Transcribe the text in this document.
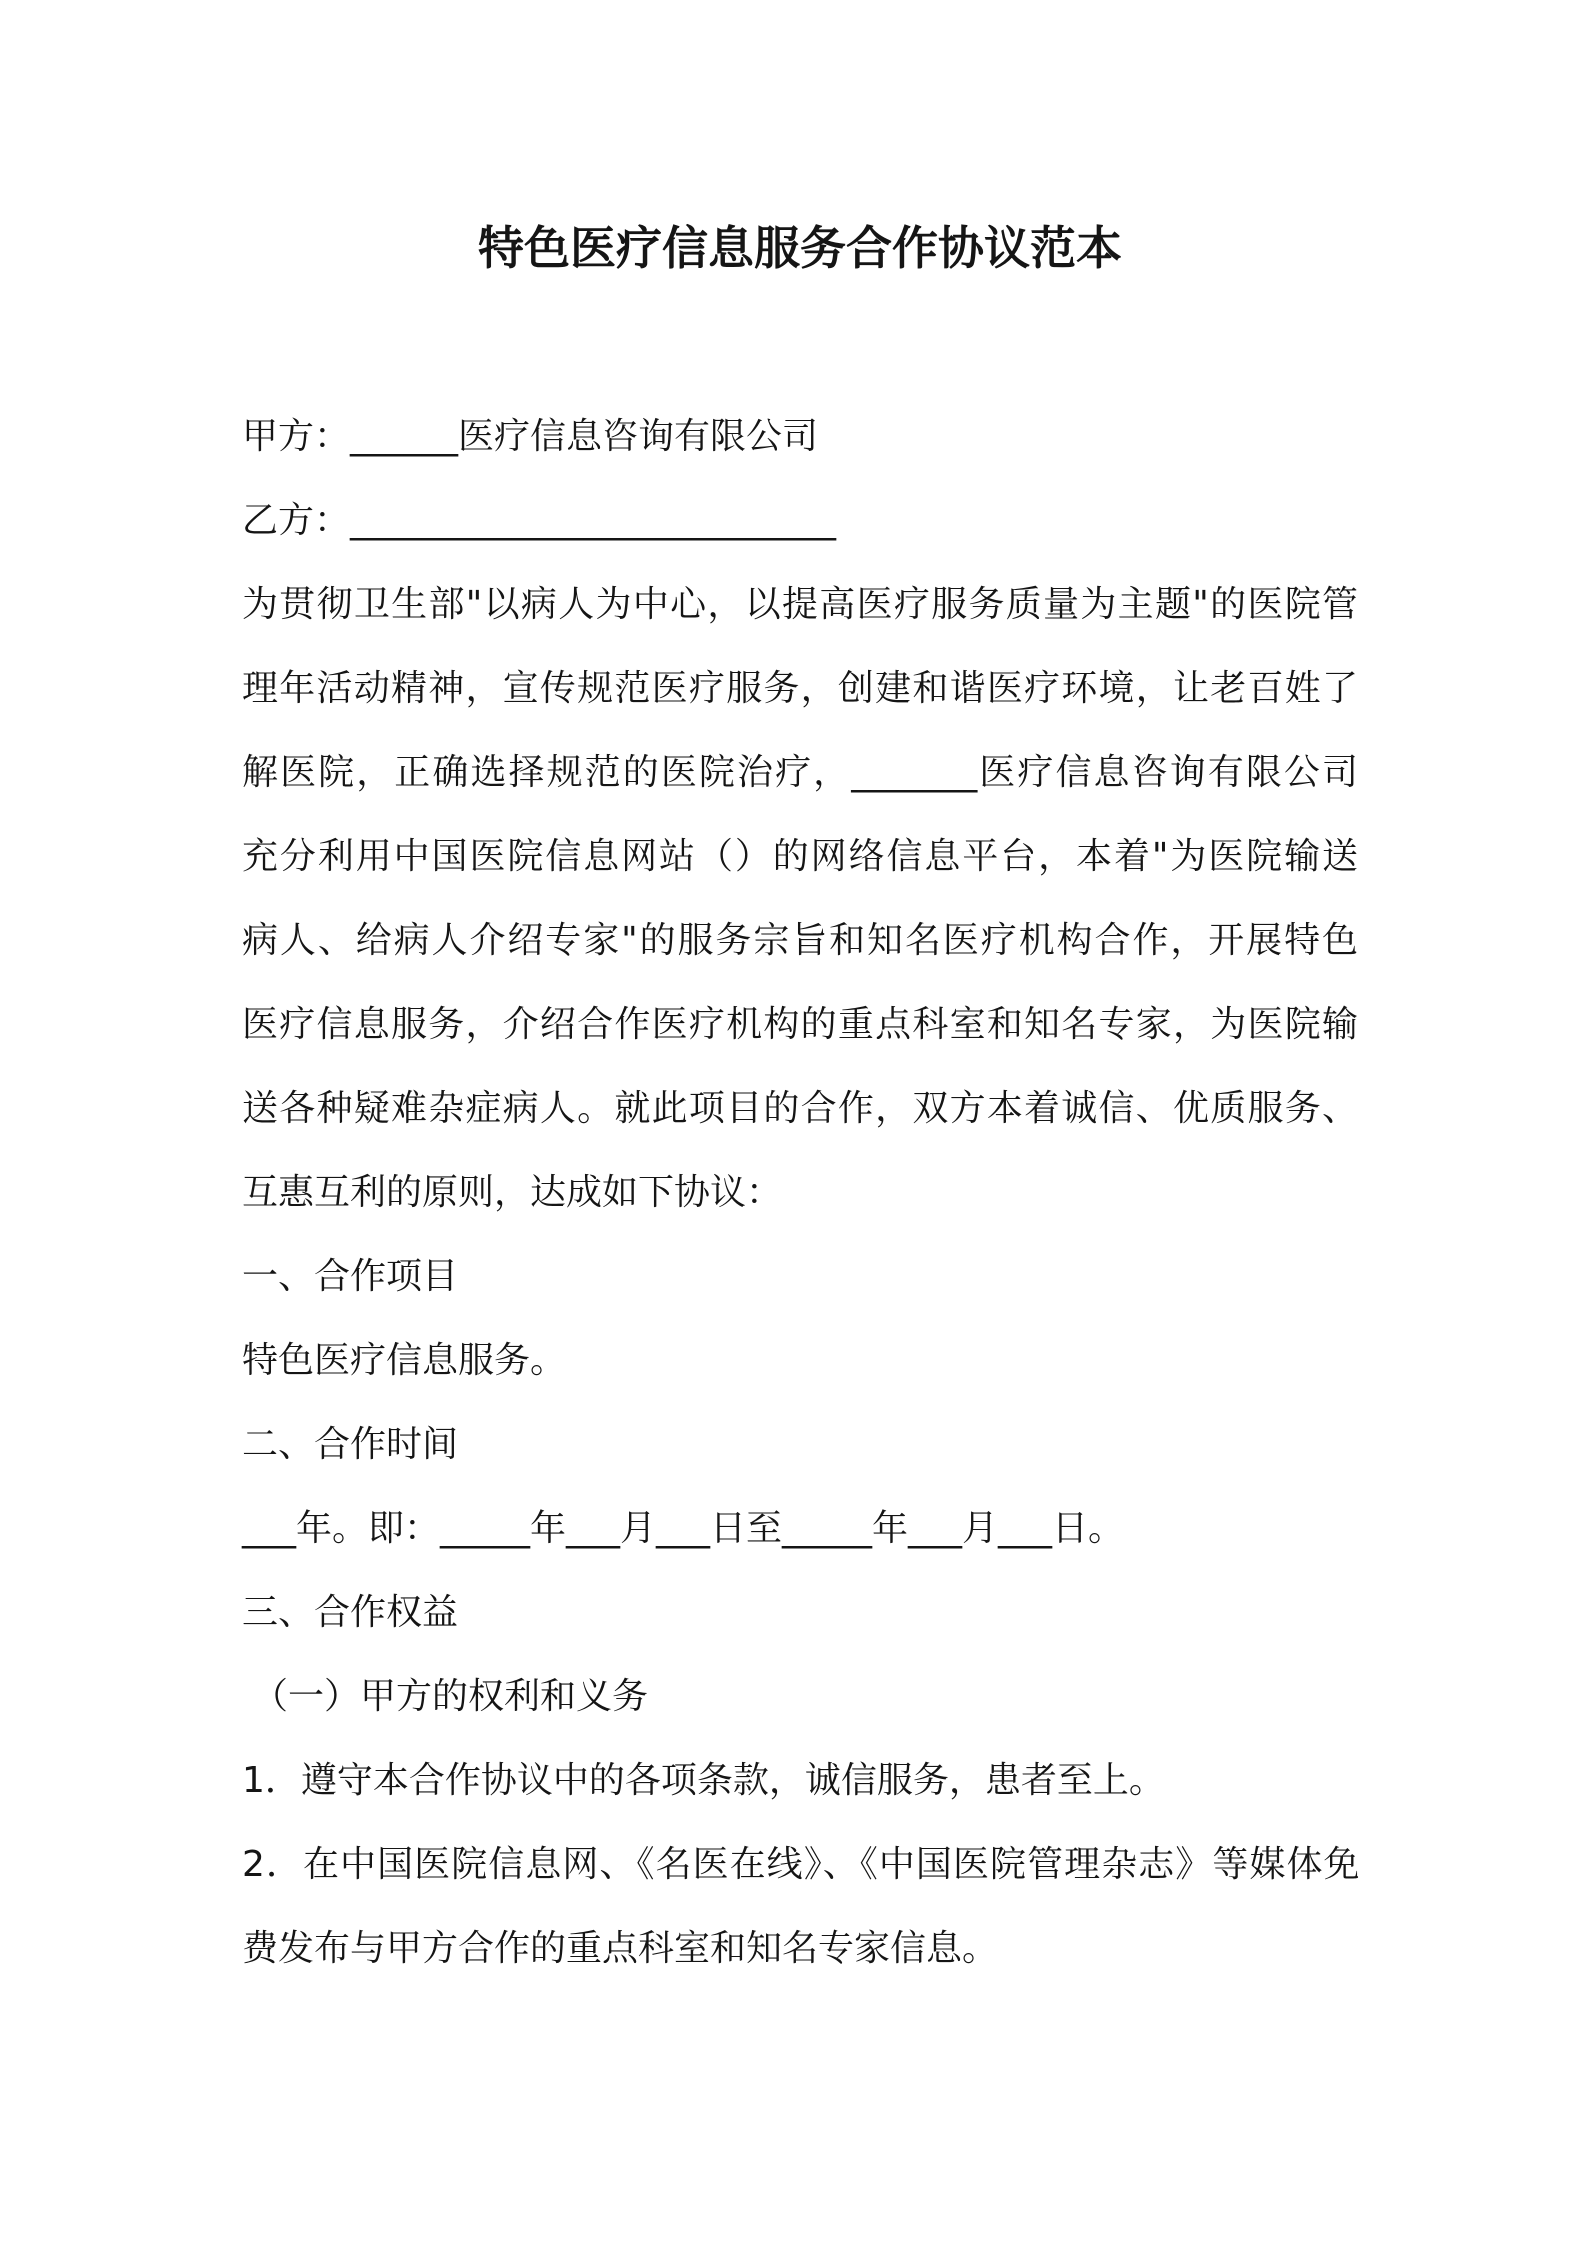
特色医疗信息服务合作协议范本
甲方：______医疗信息咨询有限公司
乙方：___________________________
为贯彻卫生部"以病人为中心，以提高医疗服务质量为主题"的医院管
理年活动精神，宣传规范医疗服务，创建和谐医疗环境，让老百姓了
解医院，正确选择规范的医院治疗，_______医疗信息咨询有限公司
充分利用中国医院信息网站（）的网络信息平台，本着"为医院输送
病人、给病人介绍专家"的服务宗旨和知名医疗机构合作，开展特色
医疗信息服务，介绍合作医疗机构的重点科室和知名专家，为医院输
送各种疑难杂症病人。就此项目的合作，双方本着诚信、优质服务、
互惠互利的原则，达成如下协议：
一、合作项目
特色医疗信息服务。
二、合作时间
___年。即：_____年___月___日至_____年___月___日。
三、合作权益
（一）甲方的权利和义务
1．遵守本合作协议中的各项条款，诚信服务，患者至上。
2．在中国医院信息网、《名医在线》、《中国医院管理杂志》等媒体免
费发布与甲方合作的重点科室和知名专家信息。
